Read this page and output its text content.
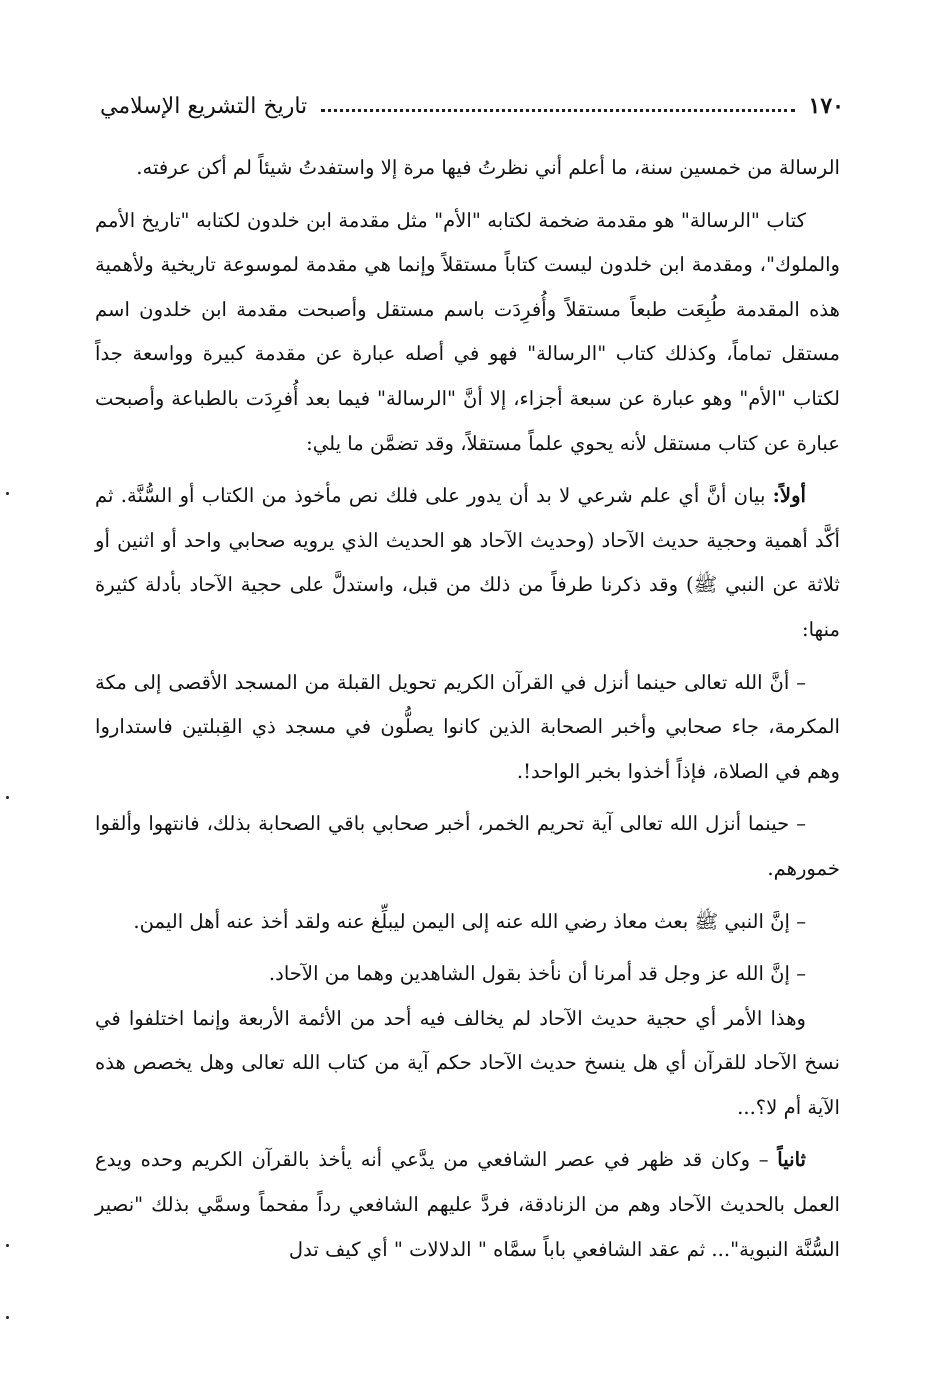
١٧٠
تاريخ التشريع الإسلامي

الرسالة من خمسين سنة، ما أعلم أني نظرتُ فيها مرة إلا واستفدتُ شيئاً لم أكن عرفته.

كتاب "الرسالة" هو مقدمة ضخمة لكتابه "الأم" مثل مقدمة ابن خلدون لكتابه "تاريخ الأمم والملوك"، ومقدمة ابن خلدون ليست كتاباً مستقلاً وإنما هي مقدمة لموسوعة تاريخية ولأهمية هذه المقدمة طُبِعَت طبعاً مستقلاً وأُفرِدَت باسم مستقل وأصبحت مقدمة ابن خلدون اسم مستقل تماماً، وكذلك كتاب "الرسالة" فهو في أصله عبارة عن مقدمة كبيرة وواسعة جداً لكتاب "الأم" وهو عبارة عن سبعة أجزاء، إلا أنَّ "الرسالة" فيما بعد أُفرِدَت بالطباعة وأصبحت عبارة عن كتاب مستقل لأنه يحوي علماً مستقلاً، وقد تضمَّن ما يلي:

أولاً: بيان أنَّ أي علم شرعي لا بد أن يدور على فلك نص مأخوذ من الكتاب أو السُّنَّة. ثم أكَّد أهمية وحجية حديث الآحاد (وحديث الآحاد هو الحديث الذي يرويه صحابي واحد أو اثنين أو ثلاثة عن النبي ﷺ) وقد ذكرنا طرفاً من ذلك من قبل، واستدلَّ على حجية الآحاد بأدلة كثيرة منها:

– أنَّ الله تعالى حينما أنزل في القرآن الكريم تحويل القبلة من المسجد الأقصى إلى مكة المكرمة، جاء صحابي وأخبر الصحابة الذين كانوا يصلُّون في مسجد ذي القِبلتين فاستداروا وهم في الصلاة، فإذاً أخذوا بخبر الواحد!.

– حينما أنزل الله تعالى آية تحريم الخمر، أخبر صحابي باقي الصحابة بذلك، فانتهوا وألقوا خمورهم.

– إنَّ النبي ﷺ بعث معاذ رضي الله عنه إلى اليمن ليبلِّغ عنه ولقد أخذ عنه أهل اليمن.

– إنَّ الله عز وجل قد أمرنا أن نأخذ بقول الشاهدين وهما من الآحاد.

وهذا الأمر أي حجية حديث الآحاد لم يخالف فيه أحد من الأئمة الأربعة وإنما اختلفوا في نسخ الآحاد للقرآن أي هل ينسخ حديث الآحاد حكم آية من كتاب الله تعالى وهل يخصص هذه الآية أم لا؟...

ثانياً – وكان قد ظهر في عصر الشافعي من يدَّعي أنه يأخذ بالقرآن الكريم وحده ويدع العمل بالحديث الآحاد وهم من الزنادقة، فردَّ عليهم الشافعي رداً مفحماً وسمَّي بذلك "نصير السُّنَّة النبوية"... ثم عقد الشافعي باباً سمَّاه " الدلالات " أي كيف تدل
